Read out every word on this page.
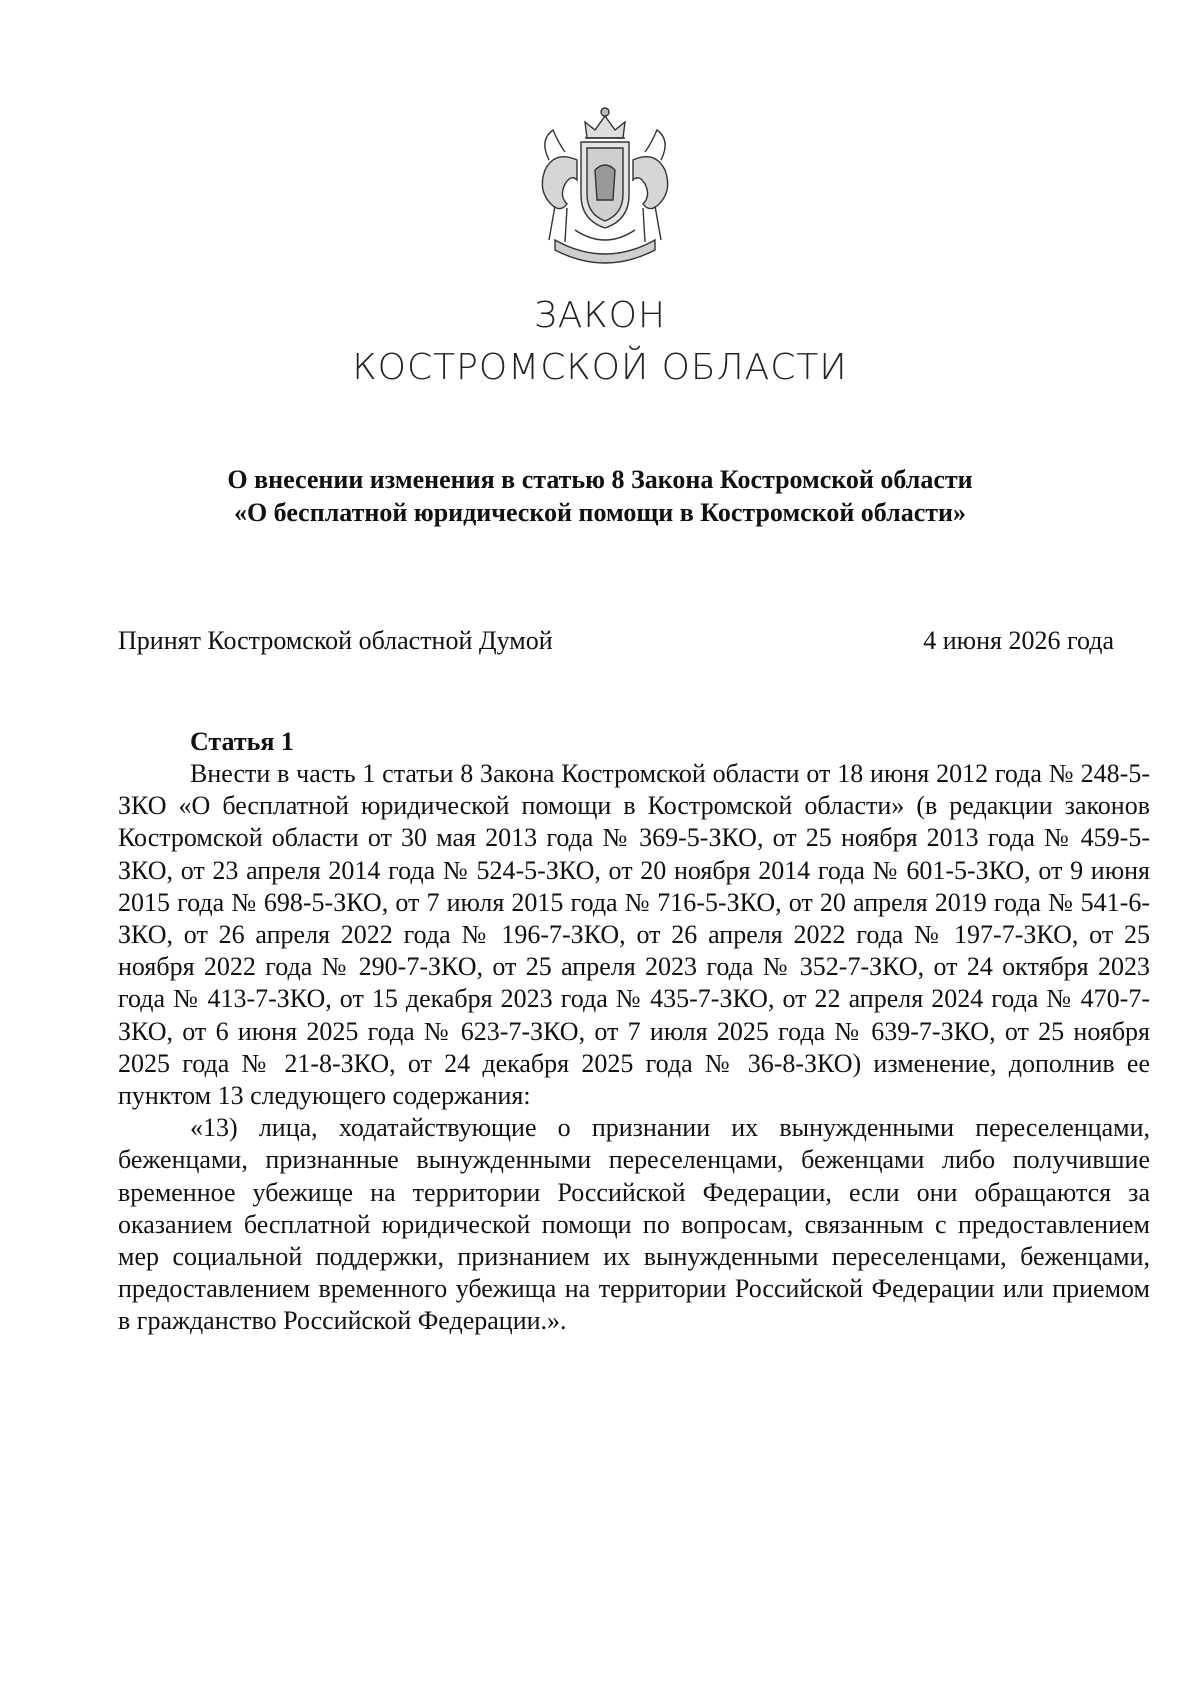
ЗАКОН
КОСТРОМСКОЙ ОБЛАСТИ
О внесении изменения в статью 8 Закона Костромской области
«О бесплатной юридической помощи в Костромской области»
Принят Костромской областной Думой	4 июня 2026 года
Статья 1

Внести в часть 1 статьи 8 Закона Костромской области от 18 июня 2012 года № 248-5-ЗКО «О бесплатной юридической помощи в Костромской области» (в редакции законов Костромской области от 30 мая 2013 года № 369-5-ЗКО, от 25 ноября 2013 года № 459-5-ЗКО, от 23 апреля 2014 года № 524-5-ЗКО, от 20 ноября 2014 года № 601-5-ЗКО, от 9 июня 2015 года № 698-5-ЗКО, от 7 июля 2015 года № 716-5-ЗКО, от 20 апреля 2019 года № 541-6-ЗКО, от 26 апреля 2022 года № 196-7-ЗКО, от 26 апреля 2022 года № 197-7-ЗКО, от 25 ноября 2022 года № 290-7-ЗКО, от 25 апреля 2023 года № 352-7-ЗКО, от 24 октября 2023 года № 413-7-ЗКО, от 15 декабря 2023 года № 435-7-ЗКО, от 22 апреля 2024 года № 470-7-ЗКО, от 6 июня 2025 года № 623-7-ЗКО, от 7 июля 2025 года № 639-7-ЗКО, от 25 ноября 2025 года № 21-8-ЗКО, от 24 декабря 2025 года № 36-8-ЗКО) изменение, дополнив ее пунктом 13 следующего содержания:

«13) лица, ходатайствующие о признании их вынужденными переселенцами, беженцами, признанные вынужденными переселенцами, беженцами либо получившие временное убежище на территории Российской Федерации, если они обращаются за оказанием бесплатной юридической помощи по вопросам, связанным с предоставлением мер социальной поддержки, признанием их вынужденными переселенцами, беженцами, предоставлением временного убежища на территории Российской Федерации или приемом в гражданство Российской Федерации.».
